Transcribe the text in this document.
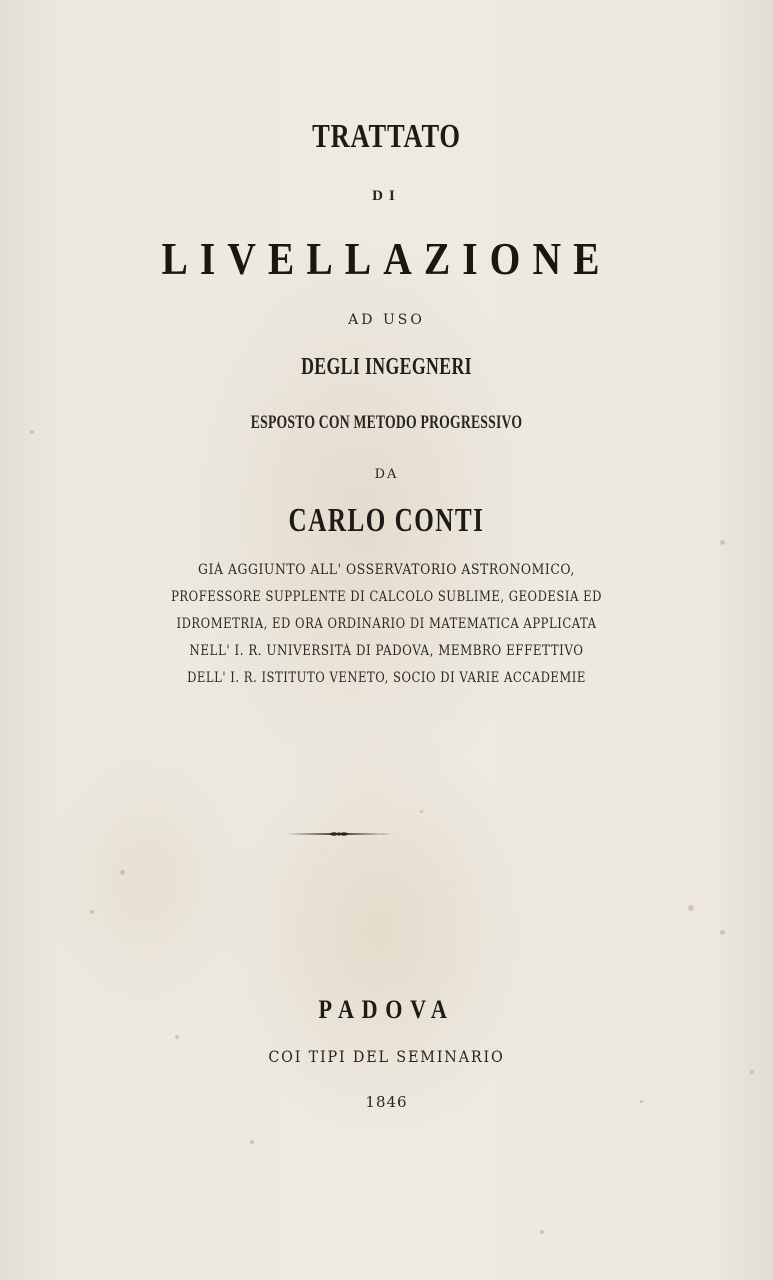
TRATTATO

DI

LIVELLAZIONE

AD USO

DEGLI INGEGNERI

ESPOSTO CON METODO PROGRESSIVO

DA

CARLO CONTI

GIÀ AGGIUNTO ALL' OSSERVATORIO ASTRONOMICO,

PROFESSORE SUPPLENTE DI CALCOLO SUBLIME, GEODESIA ED

IDROMETRIA, ED ORA ORDINARIO DI MATEMATICA APPLICATA

NELL' I. R. UNIVERSITÀ DI PADOVA, MEMBRO EFFETTIVO

DELL' I. R. ISTITUTO VENETO, SOCIO DI VARIE ACCADEMIE

PADOVA

COI TIPI DEL SEMINARIO

1846
